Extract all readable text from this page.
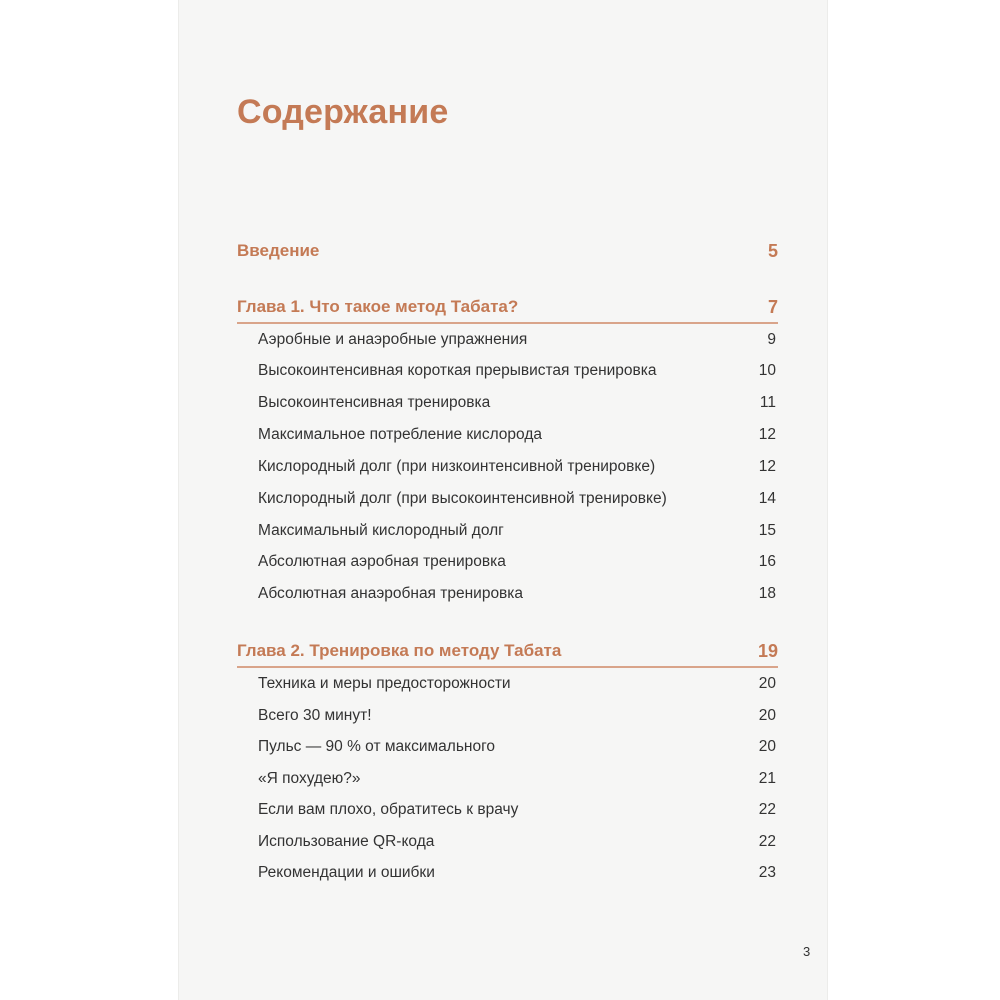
Содержание
Введение	5
Глава 1. Что такое метод Табата?	7
Аэробные и анаэробные упражнения	9
Высокоинтенсивная короткая прерывистая тренировка	10
Высокоинтенсивная тренировка	11
Максимальное потребление кислорода	12
Кислородный долг (при низкоинтенсивной тренировке)	12
Кислородный долг (при высокоинтенсивной тренировке)	14
Максимальный кислородный долг	15
Абсолютная аэробная тренировка	16
Абсолютная анаэробная тренировка	18
Глава 2. Тренировка по методу Табата	19
Техника и меры предосторожности	20
Всего 30 минут!	20
Пульс — 90 % от максимального	20
«Я похудею?»	21
Если вам плохо, обратитесь к врачу	22
Использование QR-кода	22
Рекомендации и ошибки	23
3
